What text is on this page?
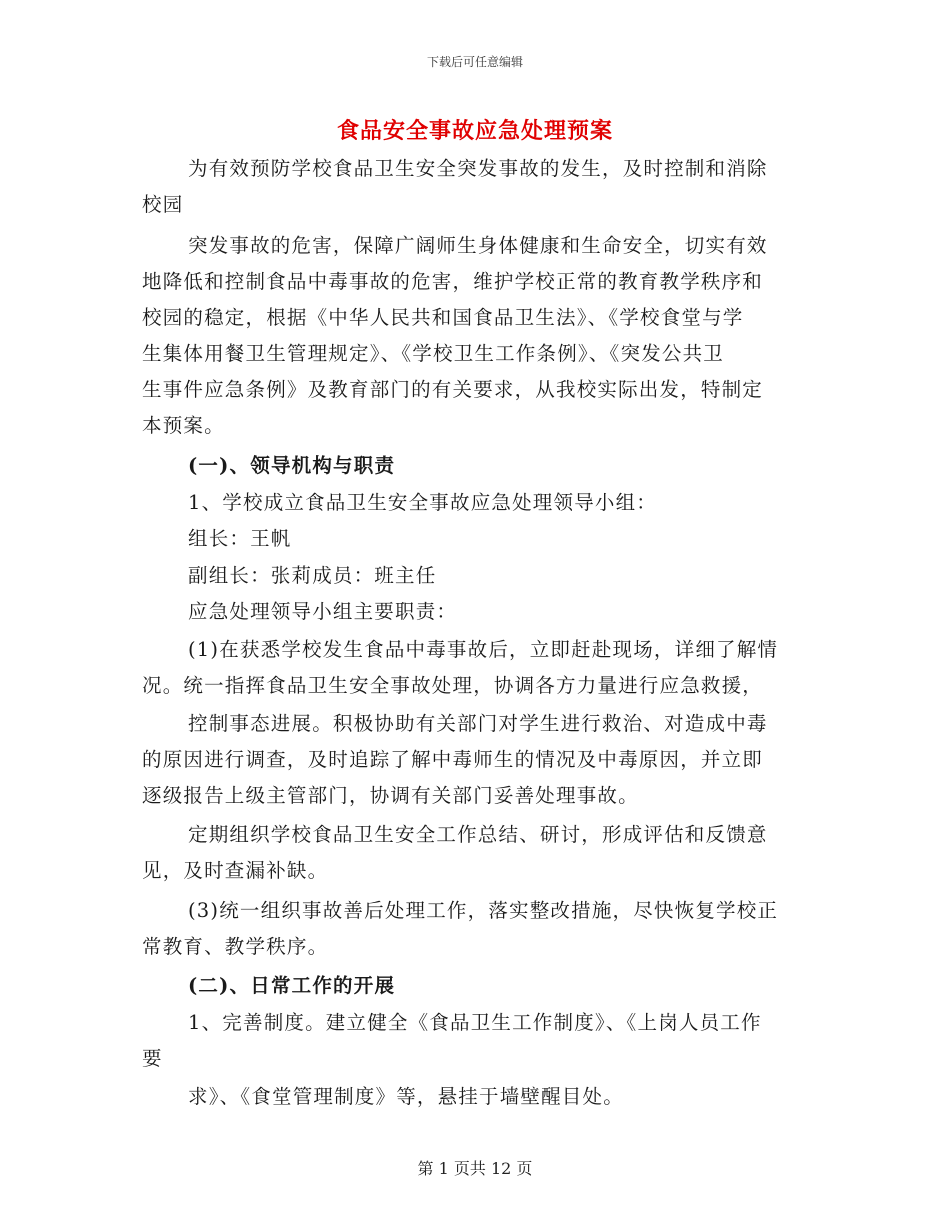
下载后可任意编辑
食品安全事故应急处理预案
为有效预防学校食品卫生安全突发事故的发生，及时控制和消除
校园
突发事故的危害，保障广阔师生身体健康和生命安全，切实有效
地降低和控制食品中毒事故的危害，维护学校正常的教育教学秩序和
校园的稳定，根据《中华人民共和国食品卫生法》、《学校食堂与学
生集体用餐卫生管理规定》、《学校卫生工作条例》、《突发公共卫
生事件应急条例》及教育部门的有关要求，从我校实际出发，特制定
本预案。
(一)、领导机构与职责
1、学校成立食品卫生安全事故应急处理领导小组：
组长：王帆
副组长：张莉成员：班主任
应急处理领导小组主要职责：
(1)在获悉学校发生食品中毒事故后，立即赶赴现场，详细了解情
况。统一指挥食品卫生安全事故处理，协调各方力量进行应急救援，
控制事态进展。积极协助有关部门对学生进行救治、对造成中毒
的原因进行调查，及时追踪了解中毒师生的情况及中毒原因，并立即
逐级报告上级主管部门，协调有关部门妥善处理事故。
定期组织学校食品卫生安全工作总结、研讨，形成评估和反馈意
见，及时查漏补缺。
(3)统一组织事故善后处理工作，落实整改措施，尽快恢复学校正
常教育、教学秩序。
(二)、日常工作的开展
1、完善制度。建立健全《食品卫生工作制度》、《上岗人员工作
要
求》、《食堂管理制度》等，悬挂于墙壁醒目处。
第 1 页共 12 页
